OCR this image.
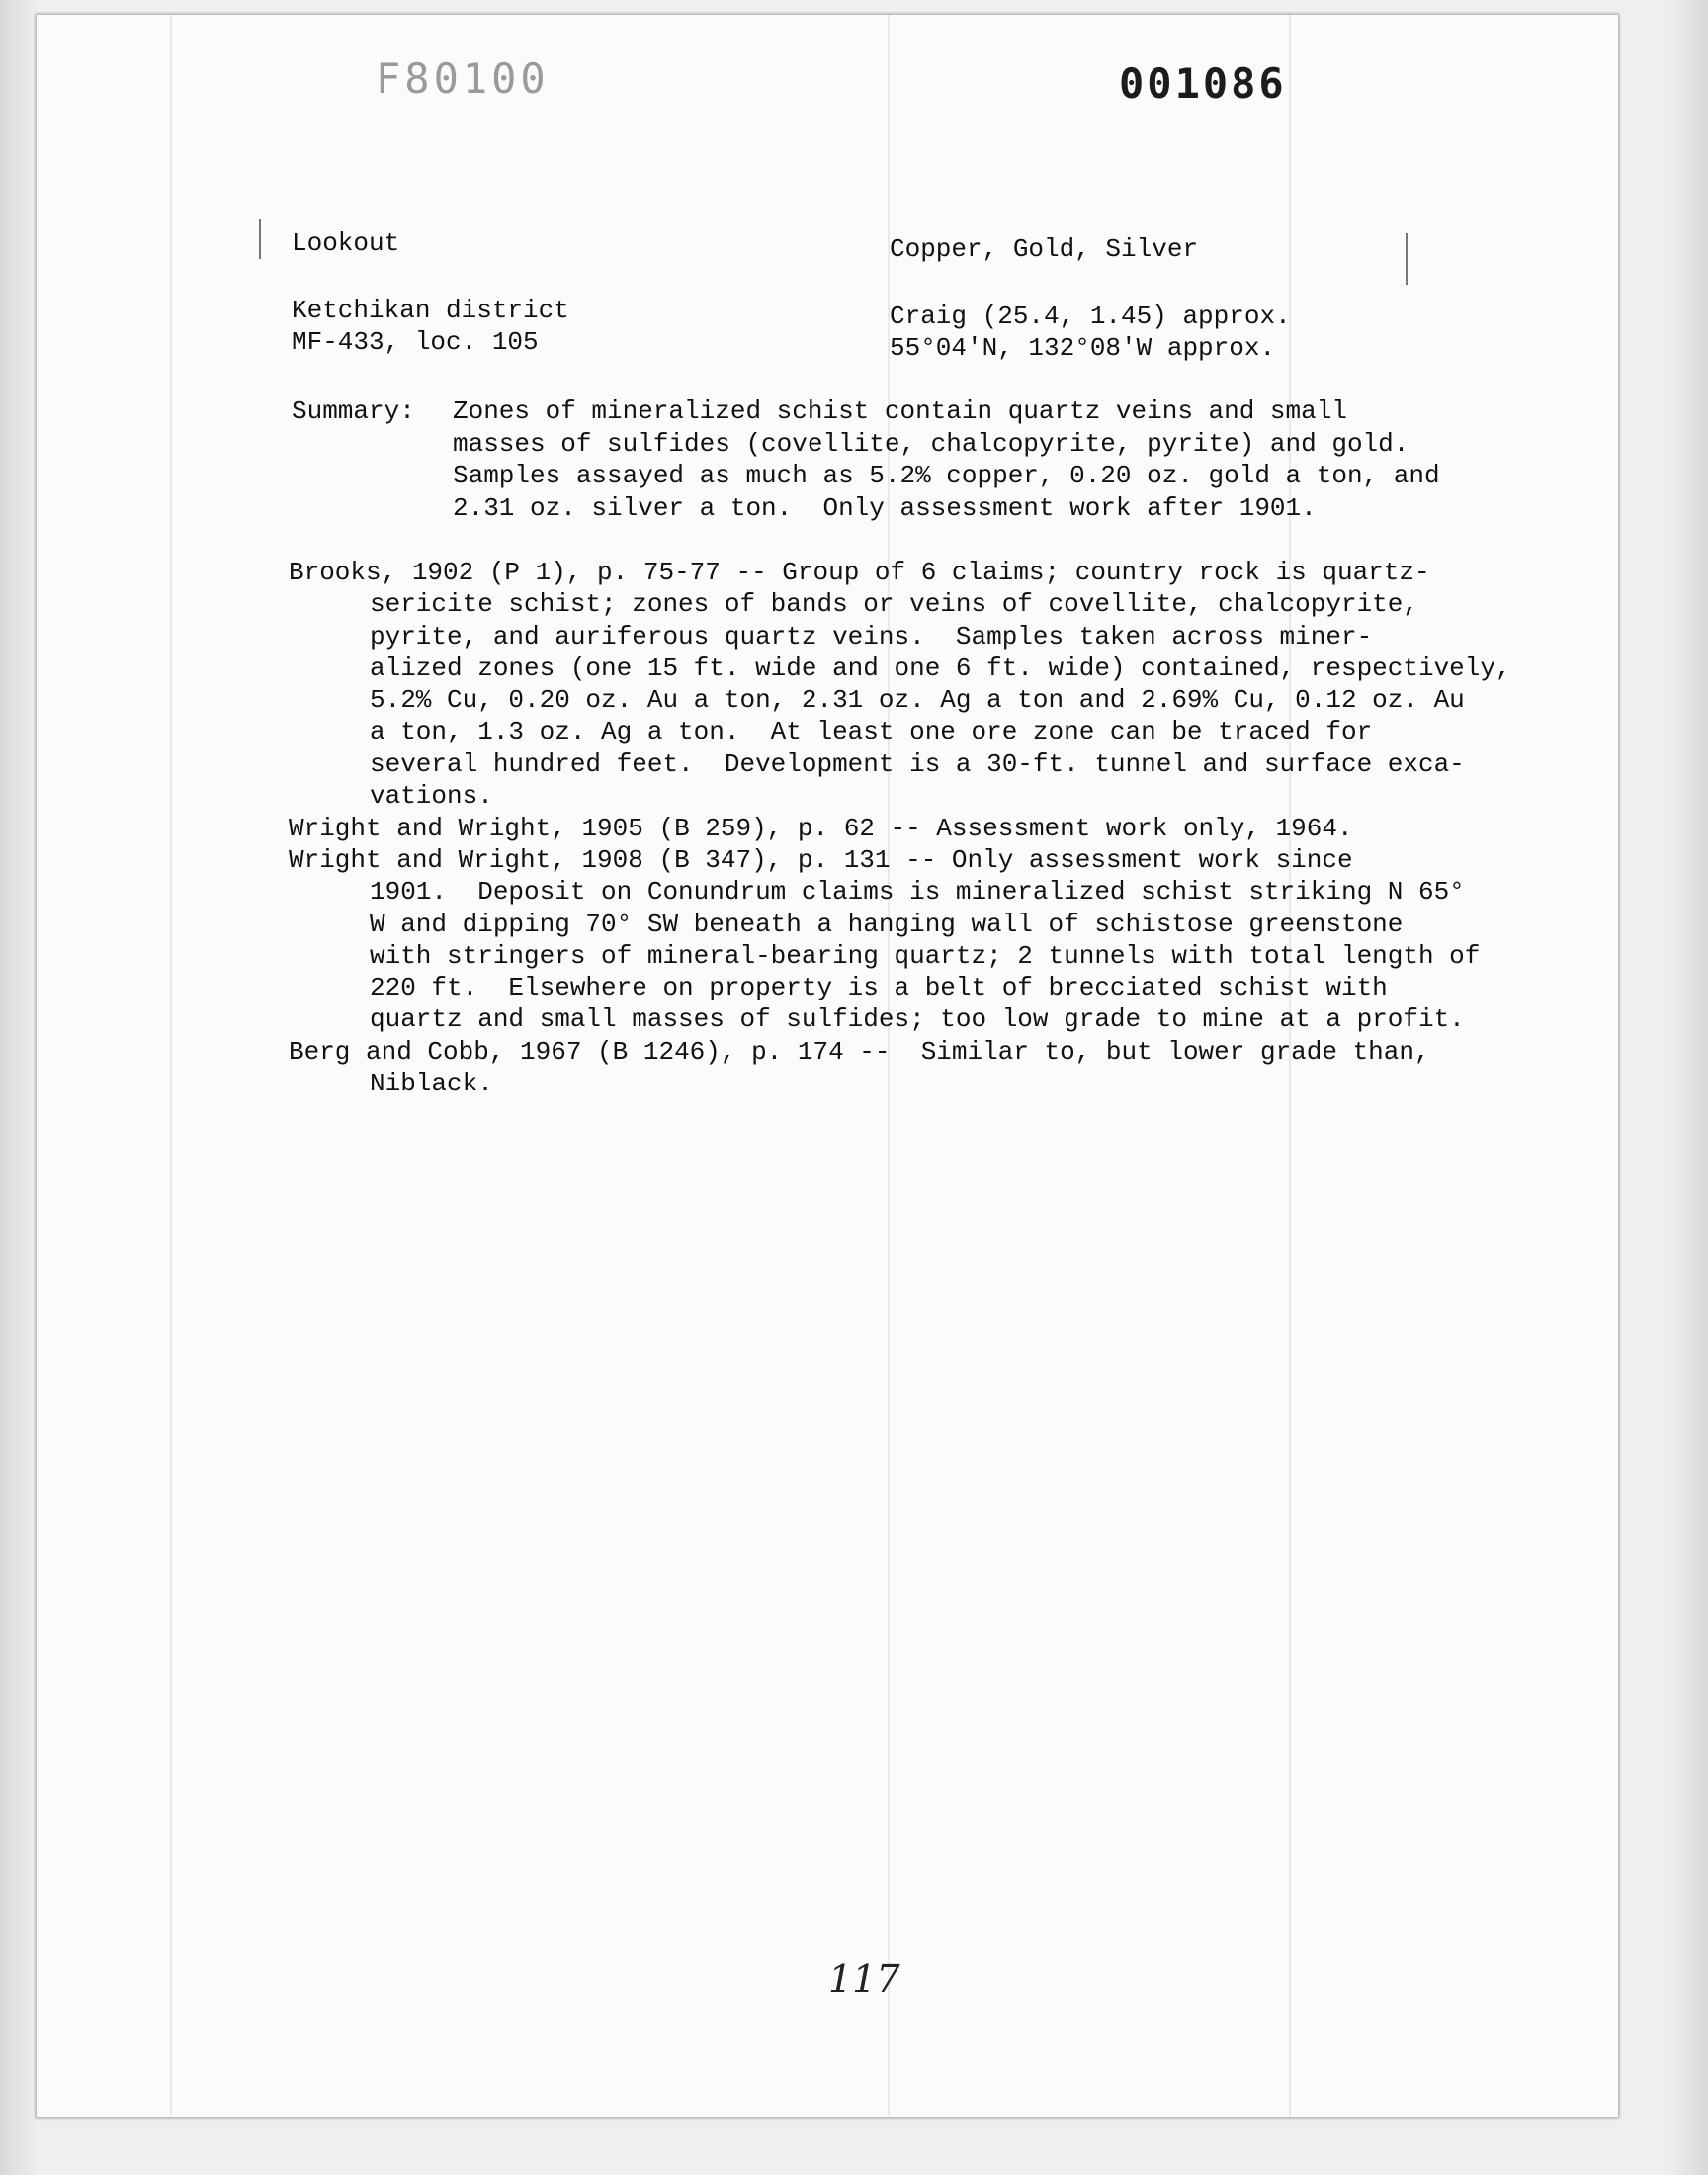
F80100	001086
Lookout	Copper, Gold, Silver
Ketchikan district
MF-433, loc. 105
Craig (25.4, 1.45) approx.
55°04'N, 132°08'W approx.
Summary: Zones of mineralized schist contain quartz veins and small
masses of sulfides (covellite, chalcopyrite, pyrite) and gold.
Samples assayed as much as 5.2% copper, 0.20 oz. gold a ton, and
2.31 oz. silver a ton.  Only assessment work after 1901.
Brooks, 1902 (P 1), p. 75-77 -- Group of 6 claims; country rock is quartz-
sericite schist; zones of bands or veins of covellite, chalcopyrite,
pyrite, and auriferous quartz veins.  Samples taken across miner-
alized zones (one 15 ft. wide and one 6 ft. wide) contained, respectively,
5.2% Cu, 0.20 oz. Au a ton, 2.31 oz. Ag a ton and 2.69% Cu, 0.12 oz. Au
a ton, 1.3 oz. Ag a ton.  At least one ore zone can be traced for
several hundred feet.  Development is a 30-ft. tunnel and surface exca-
vations.
Wright and Wright, 1905 (B 259), p. 62 -- Assessment work only, 1964.
Wright and Wright, 1908 (B 347), p. 131 -- Only assessment work since
1901.  Deposit on Conundrum claims is mineralized schist striking N 65°
W and dipping 70° SW beneath a hanging wall of schistose greenstone
with stringers of mineral-bearing quartz; 2 tunnels with total length of
220 ft.  Elsewhere on property is a belt of brecciated schist with
quartz and small masses of sulfides; too low grade to mine at a profit.
Berg and Cobb, 1967 (B 1246), p. 174 --  Similar to, but lower grade than,
Niblack.
117
